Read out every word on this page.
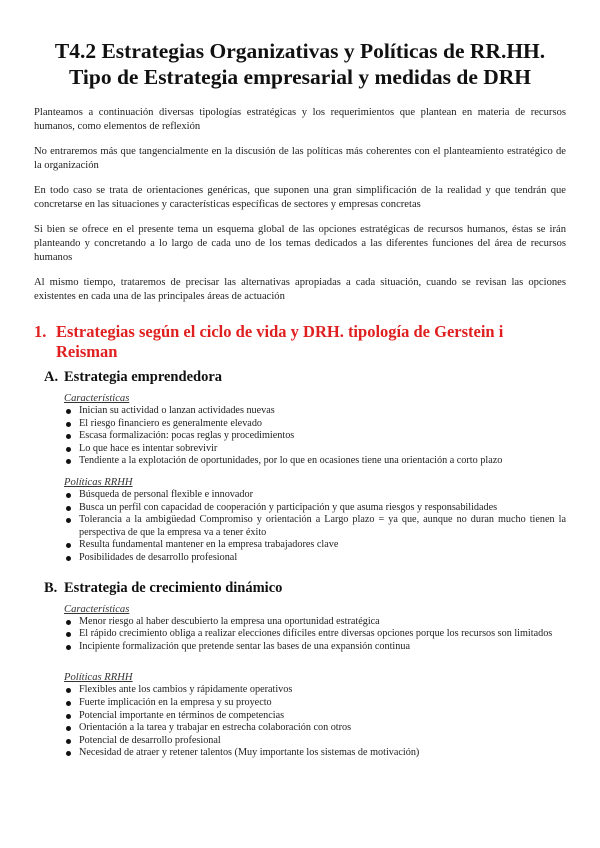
T4.2 Estrategias Organizativas y Políticas de RR.HH.
Tipo de Estrategia empresarial y medidas de DRH

Planteamos a continuación diversas tipologías estratégicas y los requerimientos que plantean en materia de recursos humanos, como elementos de reflexión

No entraremos más que tangencialmente en la discusión de las políticas más coherentes con el planteamiento estratégico de la organización

En todo caso se trata de orientaciones genéricas, que suponen una gran simplificación de la realidad y que tendrán que concretarse en las situaciones y características específicas de sectores y empresas concretas

Si bien se ofrece en el presente tema un esquema global de las opciones estratégicas de recursos humanos, éstas se irán planteando y concretando a lo largo de cada uno de los temas dedicados a las diferentes funciones del área de recursos humanos

Al mismo tiempo, trataremos de precisar las alternativas apropiadas a cada situación, cuando se revisan las opciones existentes en cada una de las principales áreas de actuación

1. Estrategias según el ciclo de vida y DRH. tipología de Gerstein i Reisman
A. Estrategia emprendedora
Características
Inician su actividad o lanzan actividades nuevas
El riesgo financiero es generalmente elevado
Escasa formalización: pocas reglas y procedimientos
Lo que hace es intentar sobrevivir
Tendiente a la explotación de oportunidades, por lo que en ocasiones tiene una orientación a corto plazo
Políticas RRHH
Búsqueda de personal flexible e innovador
Busca un perfil con capacidad de cooperación y participación y que asuma riesgos y responsabilidades
Tolerancia a la ambigüedad Compromiso y orientación a Largo plazo = ya que, aunque no duran mucho tienen la perspectiva de que la empresa va a tener éxito
Resulta fundamental mantener en la empresa trabajadores clave
Posibilidades de desarrollo profesional
B. Estrategia de crecimiento dinámico
Características
Menor riesgo al haber descubierto la empresa una oportunidad estratégica
El rápido crecimiento obliga a realizar elecciones difíciles entre diversas opciones porque los recursos son limitados
Incipiente formalización que pretende sentar las bases de una expansión continua
Políticas RRHH
Flexibles ante los cambios y rápidamente operativos
Fuerte implicación en la empresa y su proyecto
Potencial importante en términos de competencias
Orientación a la tarea y trabajar en estrecha colaboración con otros
Potencial de desarrollo profesional
Necesidad de atraer y retener talentos (Muy importante los sistemas de motivación)
